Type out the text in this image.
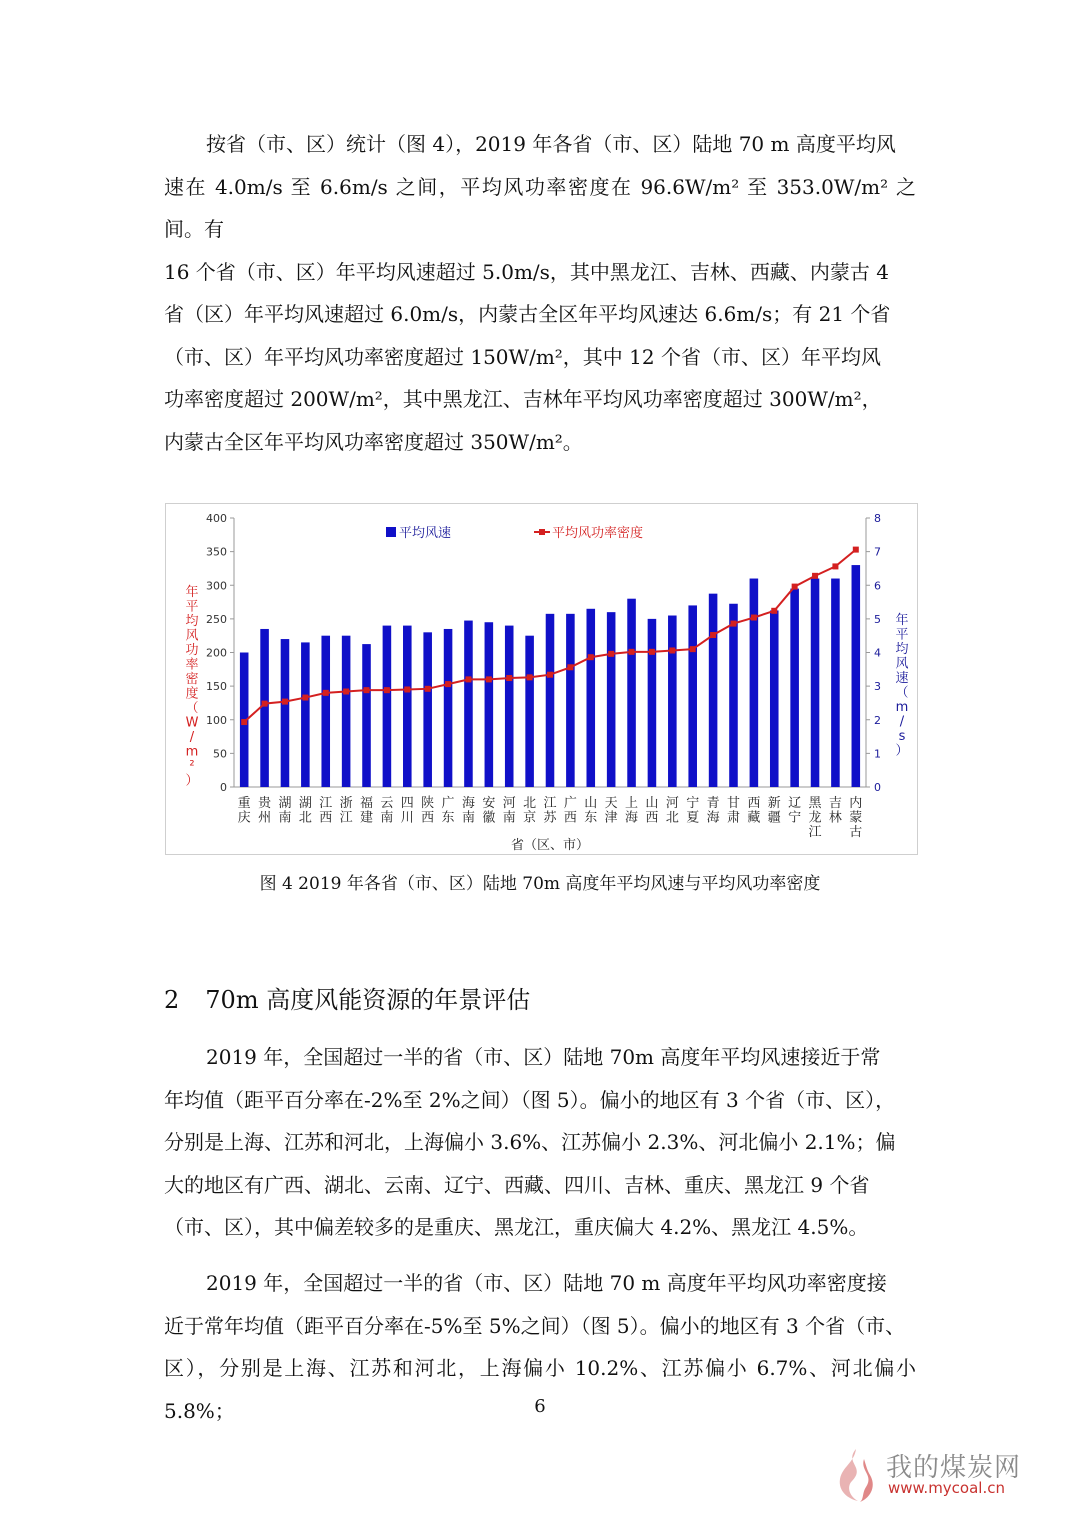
按省（市、区）统计（图 4），2019 年各省（市、区）陆地 70 m 高度平均风
速在 4.0m/s 至 6.6m/s 之间，平均风功率密度在 96.6W/m² 至 353.0W/m² 之间。有
16 个省（市、区）年平均风速超过 5.0m/s，其中黑龙江、吉林、西藏、内蒙古 4
省（区）年平均风速超过 6.0m/s，内蒙古全区年平均风速达 6.6m/s；有 21 个省
（市、区）年平均风功率密度超过 150W/m²，其中 12 个省（市、区）年平均风
功率密度超过 200W/m²，其中黑龙江、吉林年平均风功率密度超过 300W/m²，
内蒙古全区年平均风功率密度超过 350W/m²。
0
50
100
150
200
250
300
350
400
0
1
2
3
4
5
6
7
8
重庆
贵州
湖南
湖北
江西
浙江
福建
云南
四川
陕西
广东
海南
安徽
河南
北京
江苏
广西
山东
天津
上海
山西
河北
宁夏
青海
甘肃
西藏
新疆
辽宁
黑龙江
吉林
内蒙古
省（区、市）
年平均风功率密度（ W / m ² ）
年平均风速（ m / s ）
平均风速	平均风功率密度
图 4 2019 年各省（市、区）陆地 70m 高度年平均风速与平均风功率密度
2 70m 高度风能资源的年景评估
2019 年，全国超过一半的省（市、区）陆地 70m 高度年平均风速接近于常
年均值（距平百分率在-2%至 2%之间）（图 5）。偏小的地区有 3 个省（市、区），
分别是上海、江苏和河北，上海偏小 3.6%、江苏偏小 2.3%、河北偏小 2.1%；偏
大的地区有广西、湖北、云南、辽宁、西藏、四川、吉林、重庆、黑龙江 9 个省
（市、区），其中偏差较多的是重庆、黑龙江，重庆偏大 4.2%、黑龙江 4.5%。
2019 年，全国超过一半的省（市、区）陆地 70 m 高度年平均风功率密度接
近于常年均值（距平百分率在-5%至 5%之间）（图 5）。偏小的地区有 3 个省（市、
区），分别是上海、江苏和河北，上海偏小 10.2%、江苏偏小 6.7%、河北偏小 5.8%；	6
我的煤炭网
www.mycoal.cn
